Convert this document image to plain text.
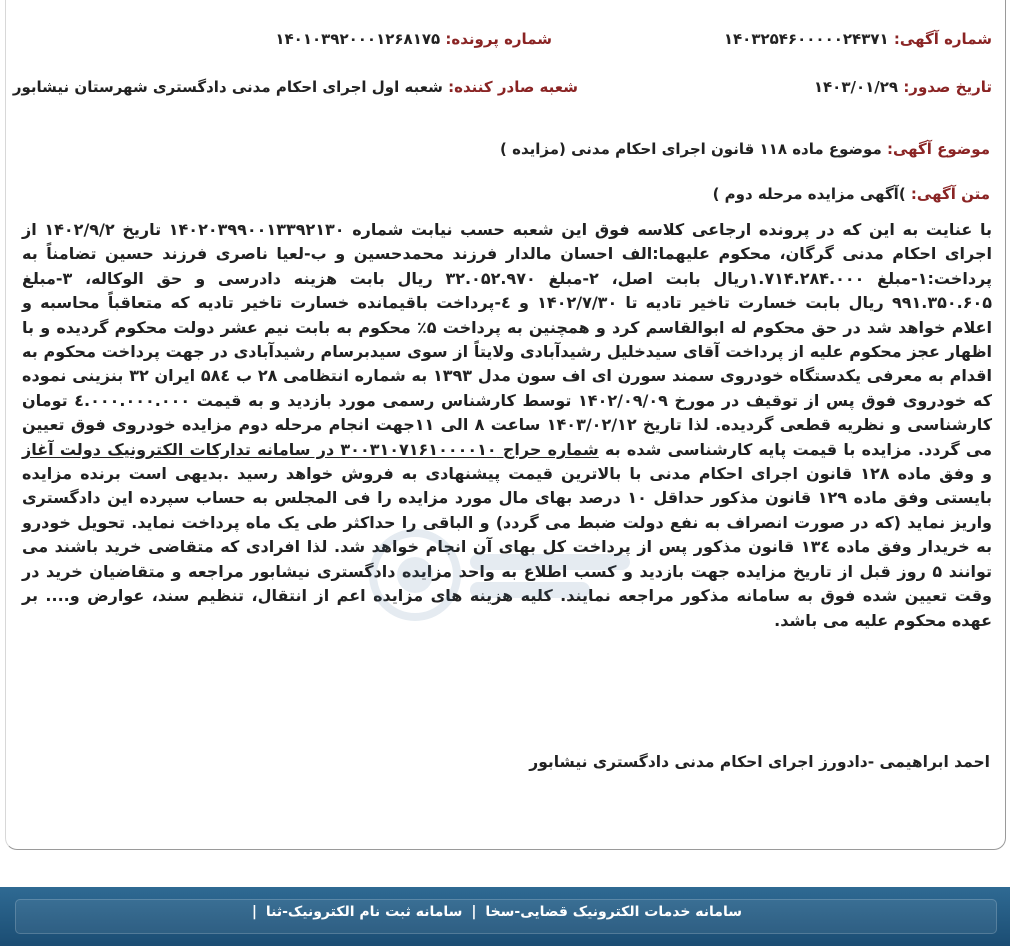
شماره آگهی: ۱۴۰۳۲۵۴۶۰۰۰۰۰۲۴۳۷۱
شماره پرونده: ۱۴۰۱۰۳۹۲۰۰۰۱۲۶۸۱۷۵
تاریخ صدور: ۱۴۰۳/۰۱/۲۹
شعبه صادر کننده: شعبه اول اجرای احکام مدنی دادگستری شهرستان نیشابور
موضوع آگهی: موضوع ماده ۱۱۸ قانون اجرای احکام مدنی (مزایده )
متن آگهی: )آگهی مزایده مرحله دوم )

با عنایت به این که در پرونده ارجاعی کلاسه فوق این شعبه حسب نیابت شماره ۱۴۰۲۰۳۹۹۰۰۱۳۳۹۲۱۳۰ تاریخ ۱۴۰۲/۹/۲ از اجرای احکام مدنی گرگان، محکوم علیهما:الف احسان مالدار فرزند محمدحسین و ب-لعیا ناصری فرزند حسین تضامناً به پرداخت:۱-مبلغ ۱.۷۱۴.۲۸۴.۰۰۰ریال بابت اصل، ۲-مبلغ ۳۲.۰۵۲.۹۷۰ ریال بابت هزینه دادرسی و حق الوکاله، ۳-مبلغ ۹۹۱.۳۵۰.۶۰۵ ریال بابت خسارت تاخیر تادیه تا ۱۴۰۲/۷/۳۰ و ٤-پرداخت باقیمانده خسارت تاخیر تادیه که متعاقباً محاسبه و اعلام خواهد شد در حق محکوم له ابوالقاسم کرد و همچنین به پرداخت ۵٪ محکوم به بابت نیم عشر دولت محکوم گردیده و با اظهار عجز محکوم علیه از پرداخت آقای سیدخلیل رشیدآبادی ولایتاً از سوی سیدبرسام رشیدآبادی در جهت پرداخت محکوم به اقدام به معرفی یکدستگاه خودروی سمند سورن ای اف سون مدل ۱۳۹۳ به شماره انتظامی ۲۸ ب ۵۸٤ ایران ۳۲ بنزینی نموده که خودروی فوق پس از توقیف در مورخ ۱۴۰۲/۰۹/۰۹ توسط کارشناس رسمی مورد بازدید و به قیمت ٤.۰۰۰.۰۰۰.۰۰۰ تومان کارشناسی و نظریه قطعی گردیده. لذا تاریخ ۱۴۰۳/۰۲/۱۲ ساعت ۸ الی ۱۱جهت انجام مرحله دوم مزایده خودروی فوق تعیین می گردد. مزایده با قیمت پایه کارشناسی شده به شماره حراج ۳۰۰۳۱۰۷۱۶۱۰۰۰۰۱۰ در سامانه تدارکات الکترونیک دولت آغاز و وفق ماده ۱۲۸ قانون اجرای احکام مدنی با بالاترین قیمت پیشنهادی به فروش خواهد رسید .بدیهی است برنده مزایده بایستی وفق ماده ۱۲۹ قانون مذکور حداقل ۱۰ درصد بهای مال مورد مزایده را فی المجلس به حساب سپرده این دادگستری واریز نماید (که در صورت انصراف به نفع دولت ضبط می گردد) و الباقی را حداکثر طی یک ماه پرداخت نماید. تحویل خودرو به خریدار وفق ماده ۱۳٤ قانون مذکور پس از پرداخت کل بهای آن انجام خواهد شد. لذا افرادی که متقاضی خرید باشند می توانند ۵ روز قبل از تاریخ مزایده جهت بازدید و کسب اطلاع به واحد مزایده دادگستری نیشابور مراجعه و متقاضیان خرید در وقت تعیین شده فوق به سامانه مذکور مراجعه نمایند. کلیه هزینه های مزایده اعم از انتقال، تنظیم سند، عوارض و.... بر عهده محکوم علیه می باشد.

احمد ابراهیمی -دادورز اجرای احکام مدنی دادگستری نیشابور
سامانه خدمات الکترونیک قضایی-سخا | سامانه ثبت نام الکترونیک-ثنا |
